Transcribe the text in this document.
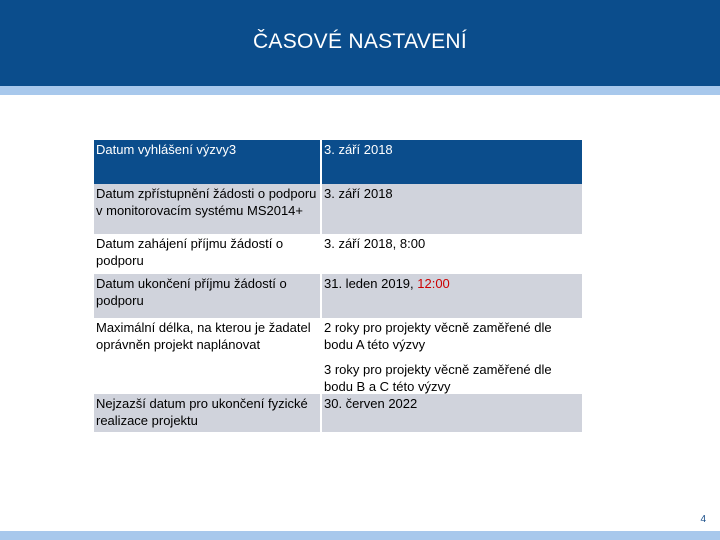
ČASOVÉ NASTAVENÍ
Datum vyhlášení výzvy3	3. září 2018
Datum zpřístupnění žádosti o podporu v monitorovacím systému MS2014+
3. září 2018
Datum zahájení příjmu žádostí o podporu
3. září 2018, 8:00
Datum ukončení příjmu žádostí o podporu
31. leden 2019, 12:00
Maximální délka, na kterou je žadatel oprávněn projekt naplánovat
2 roky pro projekty věcně zaměřené dle bodu A této výzvy
3 roky pro projekty věcně zaměřené dle bodu B a C této výzvy
Nejzazší datum pro ukončení fyzické realizace projektu
30. červen 2022
4
